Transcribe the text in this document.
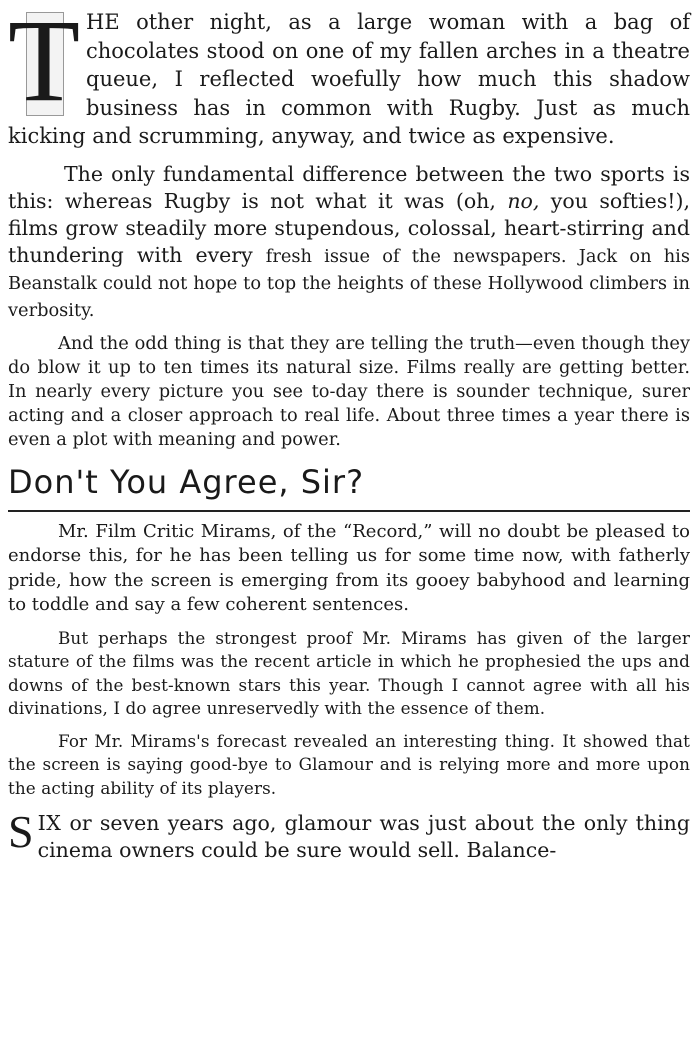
T HE other night, as a large woman with a bag of chocolates stood on one of my fallen arches in a theatre queue, I reflected woefully how much this shadow business has in common with Rugby. Just as much kicking and scrumming, anyway, and twice as expensive.

The only fundamental difference between the two sports is this: whereas Rugby is not what it was (oh, no, you softies!), films grow steadily more stupendous, colossal, heart-stirring and thundering with every fresh issue of the newspapers. Jack on his Beanstalk could not hope to top the heights of these Hollywood climbers in verbosity.

And the odd thing is that they are telling the truth—even though they do blow it up to ten times its natural size. Films really are getting better. In nearly every picture you see to-day there is sounder technique, surer acting and a closer approach to real life. About three times a year there is even a plot with meaning and power.

Don't You Agree, Sir?

Mr. Film Critic Mirams, of the “Record,” will no doubt be pleased to endorse this, for he has been telling us for some time now, with fatherly pride, how the screen is emerging from its gooey babyhood and learning to toddle and say a few coherent sentences.

But perhaps the strongest proof Mr. Mirams has given of the larger stature of the films was the recent article in which he prophesied the ups and downs of the best-known stars this year. Though I cannot agree with all his divinations, I do agree unreservedly with the essence of them.

For Mr. Mirams's forecast revealed an interesting thing. It showed that the screen is saying good-bye to Glamour and is relying more and more upon the acting ability of its players.

SIX or seven years ago, glamour was just about the only thing cinema owners could be sure would sell. Balance-
